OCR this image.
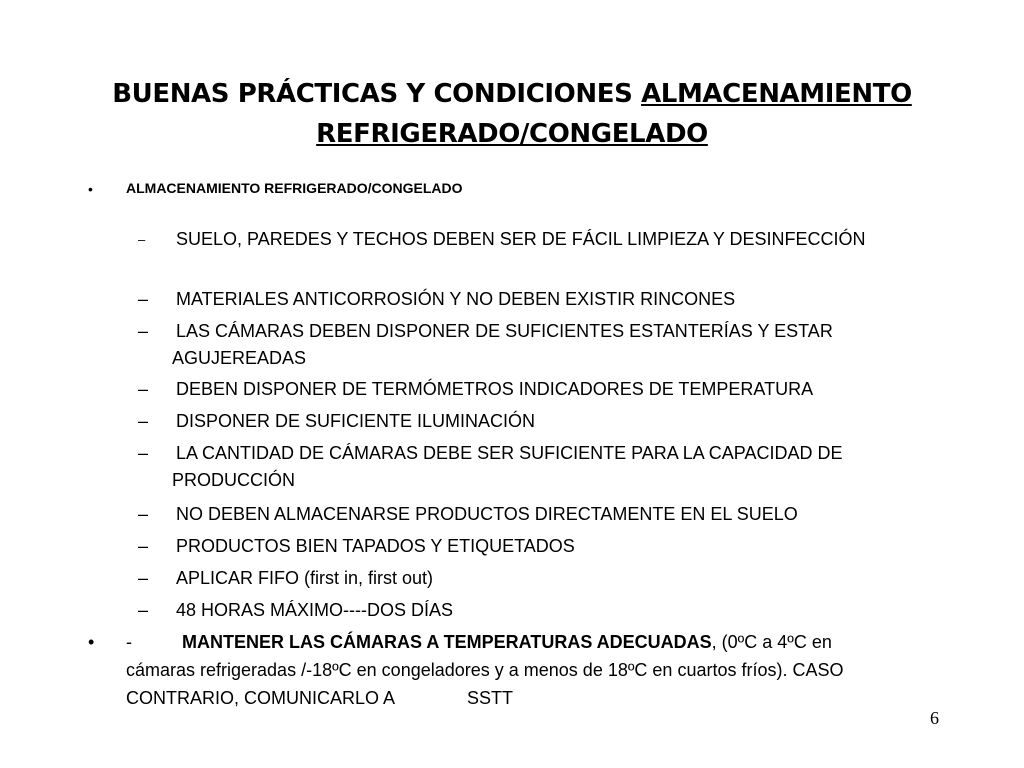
BUENAS PRÁCTICAS Y CONDICIONES ALMACENAMIENTO
REFRIGERADO/CONGELADO
• ALMACENAMIENTO REFRIGERADO/CONGELADO
– SUELO, PAREDES Y TECHOS DEBEN SER DE FÁCIL LIMPIEZA Y DESINFECCIÓN
– MATERIALES ANTICORROSIÓN Y NO DEBEN EXISTIR RINCONES
– LAS CÁMARAS DEBEN DISPONER DE SUFICIENTES ESTANTERÍAS Y ESTAR AGUJEREADAS
– DEBEN DISPONER DE TERMÓMETROS INDICADORES DE TEMPERATURA
– DISPONER DE SUFICIENTE ILUMINACIÓN
– LA CANTIDAD DE CÁMARAS DEBE SER SUFICIENTE PARA LA CAPACIDAD DE PRODUCCIÓN
– NO DEBEN ALMACENARSE PRODUCTOS DIRECTAMENTE EN EL SUELO
– PRODUCTOS BIEN TAPADOS Y ETIQUETADOS
– APLICAR FIFO (first in, first out)
– 48 HORAS MÁXIMO----DOS DÍAS
• -	MANTENER LAS CÁMARAS A TEMPERATURAS ADECUADAS, (0ºC a 4ºC en
cámaras refrigeradas /-18ºC en congeladores y a menos de 18ºC en cuartos fríos). CASO
CONTRARIO, COMUNICARLO A	SSTT
6
